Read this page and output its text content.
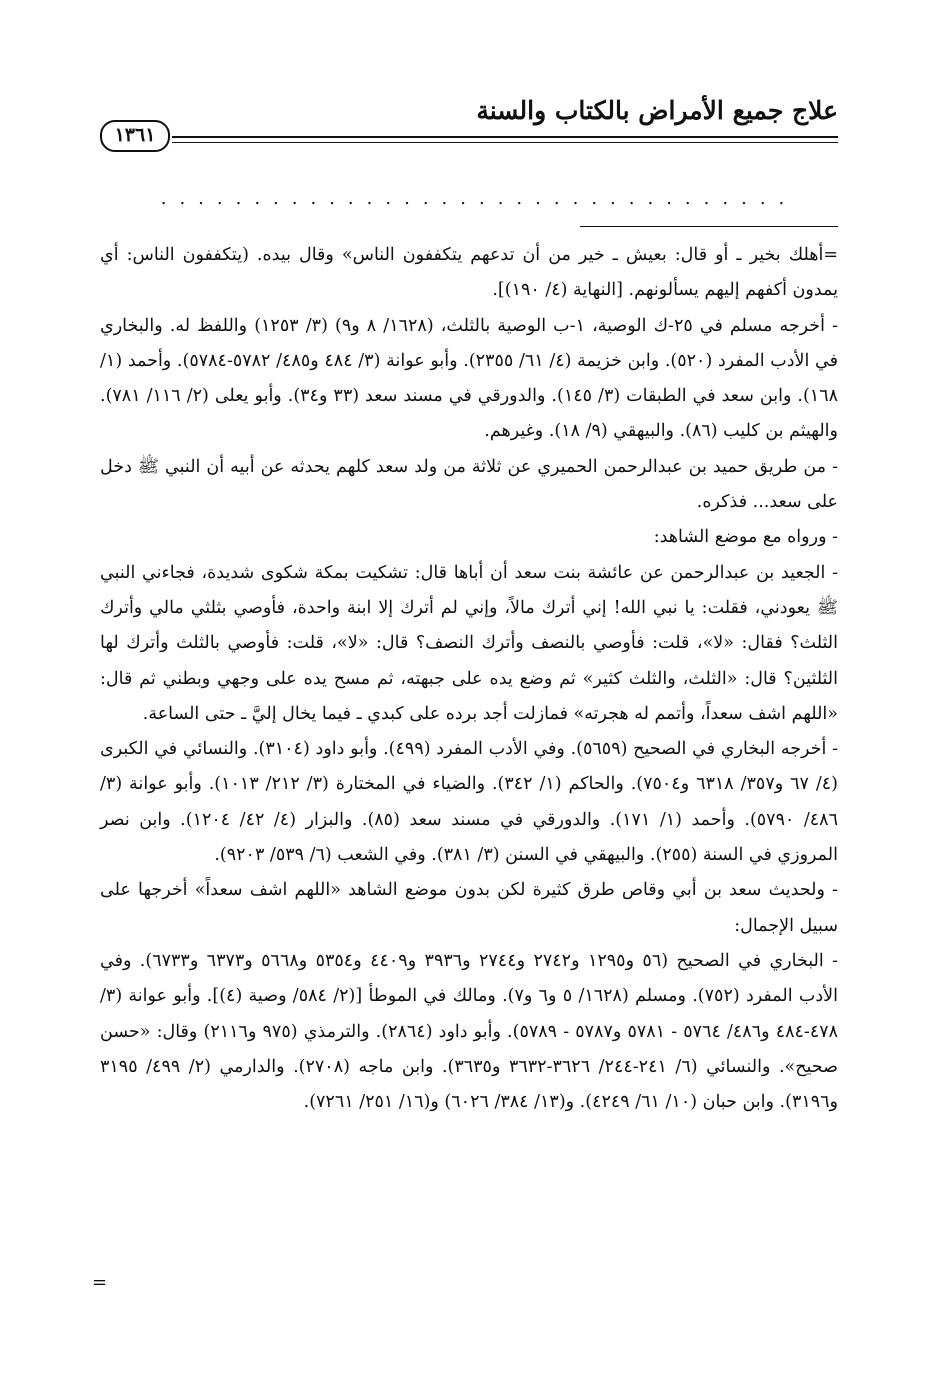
علاج جميع الأمراض بالكتاب والسنة
١٣٦١
..................................

=أهلك بخير ـ أو قال: بعيش ـ خير من أن تدعهم يتكففون الناس» وقال بيده. (يتكففون الناس: أي يمدون أكفهم إليهم يسألونهم. [النهاية (٤/ ١٩٠)].

- أخرجه مسلم في ٢٥-ك الوصية، ١-ب الوصية بالثلث، (١٦٢٨/ ٨ و٩) (٣/ ١٢٥٣) واللفظ له. والبخاري في الأدب المفرد (٥٢٠). وابن خزيمة (٤/ ٦١/ ٢٣٥٥). وأبو عوانة (٣/ ٤٨٤ و٤٨٥/ ٥٧٨٢-٥٧٨٤). وأحمد (١/ ١٦٨). وابن سعد في الطبقات (٣/ ١٤٥). والدورقي في مسند سعد (٣٣ و٣٤). وأبو يعلى (٢/ ١١٦/ ٧٨١). والهيثم بن كليب (٨٦). والبيهقي (٩/ ١٨). وغيرهم.

- من طريق حميد بن عبدالرحمن الحميري عن ثلاثة من ولد سعد كلهم يحدثه عن أبيه أن النبي ﷺ دخل على سعد... فذكره.

- ورواه مع موضع الشاهد:

- الجعيد بن عبدالرحمن عن عائشة بنت سعد أن أباها قال: تشكيت بمكة شكوى شديدة، فجاءني النبي ﷺ يعودني، فقلت: يا نبي الله! إني أترك مالاً، وإني لم أترك إلا ابنة واحدة، فأوصي بثلثي مالي وأترك الثلث؟ فقال: «لا»، قلت: فأوصي بالنصف وأترك النصف؟ قال: «لا»، قلت: فأوصي بالثلث وأترك لها الثلثين؟ قال: «الثلث، والثلث كثير» ثم وضع يده على جبهته، ثم مسح يده على وجهي وبطني ثم قال: «اللهم اشف سعداً، وأتمم له هجرته» فمازلت أجد برده على كبدي ـ فيما يخال إليَّ ـ حتى الساعة.

- أخرجه البخاري في الصحيح (٥٦٥٩). وفي الأدب المفرد (٤٩٩). وأبو داود (٣١٠٤). والنسائي في الكبرى (٤/ ٦٧ و٣٥٧/ ٦٣١٨ و٧٥٠٤). والحاكم (١/ ٣٤٢). والضياء في المختارة (٣/ ٢١٢/ ١٠١٣). وأبو عوانة (٣/ ٤٨٦/ ٥٧٩٠). وأحمد (١/ ١٧١). والدورقي في مسند سعد (٨٥). والبزار (٤/ ٤٢/ ١٢٠٤). وابن نصر المروزي في السنة (٢٥٥). والبيهقي في السنن (٣/ ٣٨١). وفي الشعب (٦/ ٥٣٩/ ٩٢٠٣).

- ولحديث سعد بن أبي وقاص طرق كثيرة لكن بدون موضع الشاهد «اللهم اشف سعداً» أخرجها على سبيل الإجمال:

- البخاري في الصحيح (٥٦ و١٢٩٥ و٢٧٤٢ و٢٧٤٤ و٣٩٣٦ و٤٤٠٩ و٥٣٥٤ و٥٦٦٨ و٦٣٧٣ و٦٧٣٣). وفي الأدب المفرد (٧٥٢). ومسلم (١٦٢٨/ ٥ و٦ و٧). ومالك في الموطأ [(٢/ ٥٨٤/ وصية (٤)]. وأبو عوانة (٣/ ٤٧٨-٤٨٤ و٤٨٦/ ٥٧٦٤ - ٥٧٨١ و٥٧٨٧ - ٥٧٨٩). وأبو داود (٢٨٦٤). والترمذي (٩٧٥ و٢١١٦) وقال: «حسن صحيح». والنسائي (٦/ ٢٤١-٢٤٤/ ٣٦٢٦-٣٦٣٢ و٣٦٣٥). وابن ماجه (٢٧٠٨). والدارمي (٢/ ٤٩٩/ ٣١٩٥ و٣١٩٦). وابن حبان (١٠/ ٦١/ ٤٢٤٩). و(١٣/ ٣٨٤/ ٦٠٢٦) و(١٦/ ٢٥١/ ٧٢٦١).

=
